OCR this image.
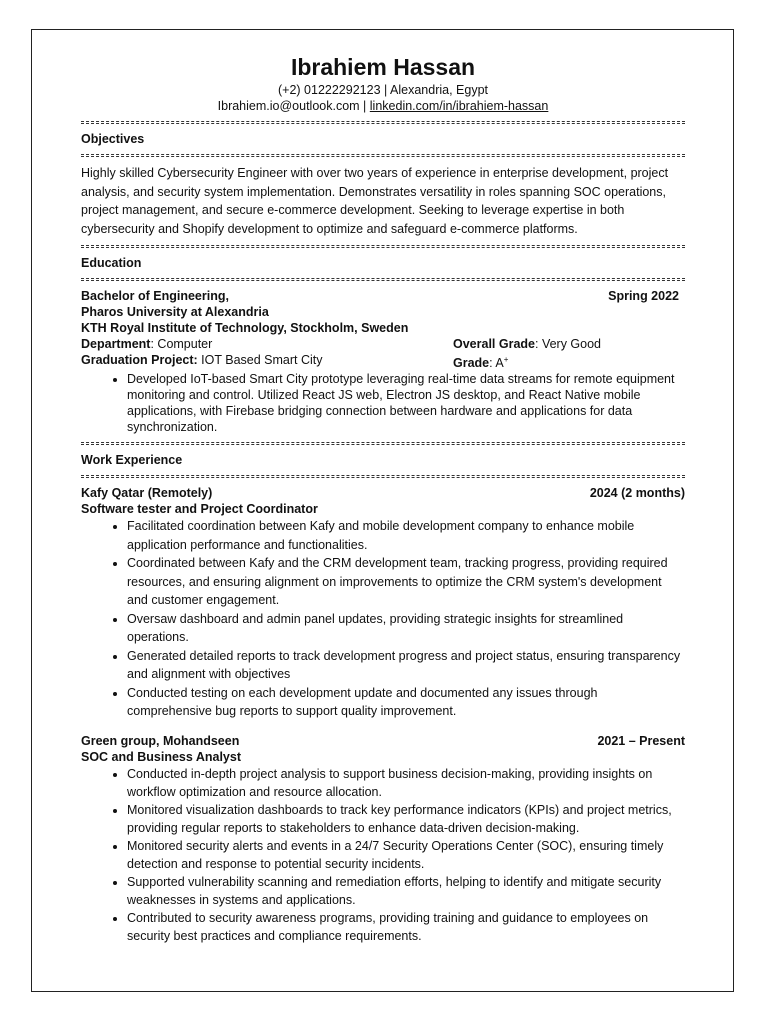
Ibrahiem Hassan
(+2) 01222292123 | Alexandria, Egypt
Ibrahiem.io@outlook.com | linkedin.com/in/ibrahiem-hassan
Objectives

Highly skilled Cybersecurity Engineer with over two years of experience in enterprise development, project analysis, and security system implementation. Demonstrates versatility in roles spanning SOC operations, project management, and secure e-commerce development. Seeking to leverage expertise in both cybersecurity and Shopify development to optimize and safeguard e-commerce platforms.

Education
Bachelor of Engineering,	Spring 2022
Pharos University at Alexandria
KTH Royal Institute of Technology, Stockholm, Sweden
Department: Computer	Overall Grade: Very Good
Graduation Project: IOT Based Smart City	Grade: A+
• Developed IoT-based Smart City prototype leveraging real-time data streams for remote equipment monitoring and control. Utilized React JS web, Electron JS desktop, and React Native mobile applications, with Firebase bridging connection between hardware and applications for data synchronization.
Work Experience
Kafy Qatar (Remotely)	2024 (2 months)
Software tester and Project Coordinator
• Facilitated coordination between Kafy and mobile development company to enhance mobile application performance and functionalities.
• Coordinated between Kafy and the CRM development team, tracking progress, providing required resources, and ensuring alignment on improvements to optimize the CRM system's development and customer engagement.
• Oversaw dashboard and admin panel updates, providing strategic insights for streamlined operations.
• Generated detailed reports to track development progress and project status, ensuring transparency and alignment with objectives
• Conducted testing on each development update and documented any issues through comprehensive bug reports to support quality improvement.
Green group, Mohandseen	2021 – Present
SOC and Business Analyst
• Conducted in-depth project analysis to support business decision-making, providing insights on workflow optimization and resource allocation.
• Monitored visualization dashboards to track key performance indicators (KPIs) and project metrics, providing regular reports to stakeholders to enhance data-driven decision-making.
• Monitored security alerts and events in a 24/7 Security Operations Center (SOC), ensuring timely detection and response to potential security incidents.
• Supported vulnerability scanning and remediation efforts, helping to identify and mitigate security weaknesses in systems and applications.
• Contributed to security awareness programs, providing training and guidance to employees on security best practices and compliance requirements.
